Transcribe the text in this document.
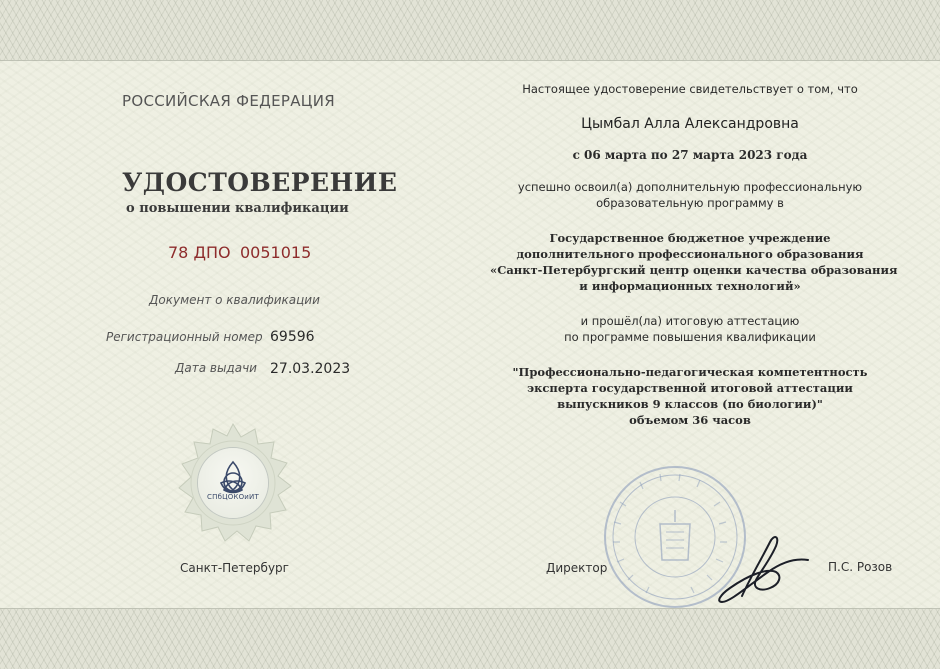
РОССИЙСКАЯ ФЕДЕРАЦИЯ
УДОСТОВЕРЕНИЕ
о повышении квалификации
78 ДПО 0051015
Документ о квалификации
Регистрационный номер 69596
Дата выдачи 27.03.2023
СПбЦОКОиИТ
Санкт-Петербург
Настоящее удостоверение свидетельствует о том, что
Цымбал Алла Александровна
с 06 марта по 27 марта 2023 года
успешно освоил(а) дополнительную профессиональную
образовательную программу в
Государственное бюджетное учреждение
дополнительного профессионального образования
«Санкт-Петербургский центр оценки качества образования
и информационных технологий»
и прошёл(ла) итоговую аттестацию
по программе повышения квалификации
"Профессионально-педагогическая компетентность
эксперта государственной итоговой аттестации
выпускников 9 классов (по биологии)"
объемом 36 часов
Директор	П.С. Розов
